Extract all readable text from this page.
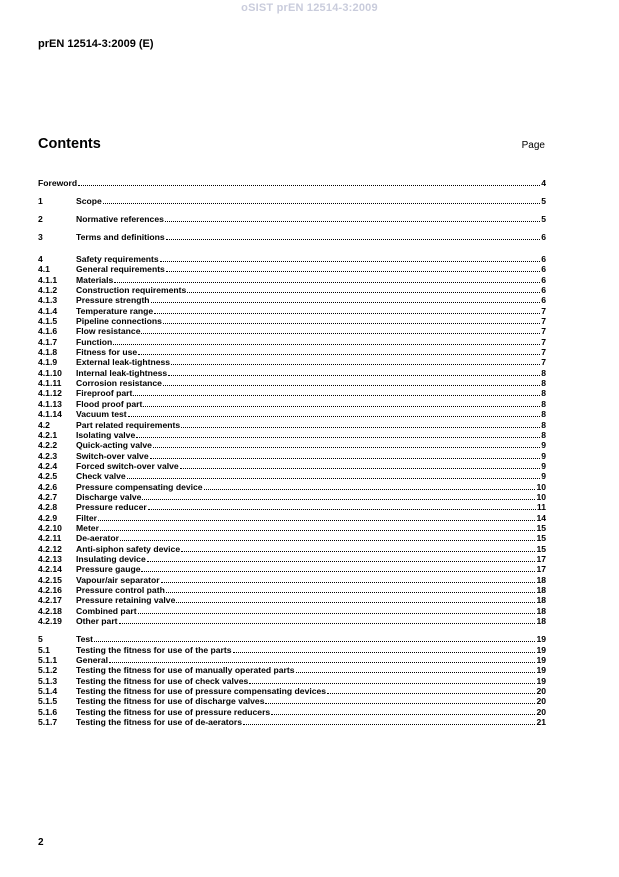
oSIST prEN 12514-3:2009
prEN 12514-3:2009 (E)
Contents	Page
Foreword	4
1	Scope	5
2	Normative references	5
3	Terms and definitions	6
4	Safety requirements	6
4.1	General requirements	6
4.1.1	Materials	6
4.1.2	Construction requirements	6
4.1.3	Pressure strength	6
4.1.4	Temperature range	7
4.1.5	Pipeline connections	7
4.1.6	Flow resistance	7
4.1.7	Function	7
4.1.8	Fitness for use	7
4.1.9	External leak-tightness	7
4.1.10	Internal leak-tightness	8
4.1.11	Corrosion resistance	8
4.1.12	Fireproof part	8
4.1.13	Flood proof part	8
4.1.14	Vacuum test	8
4.2	Part related requirements	8
4.2.1	Isolating valve	8
4.2.2	Quick-acting valve	9
4.2.3	Switch-over valve	9
4.2.4	Forced switch-over valve	9
4.2.5	Check valve	9
4.2.6	Pressure compensating device	10
4.2.7	Discharge valve	10
4.2.8	Pressure reducer	11
4.2.9	Filter	14
4.2.10	Meter	15
4.2.11	De-aerator	15
4.2.12	Anti-siphon safety device	15
4.2.13	Insulating device	17
4.2.14	Pressure gauge	17
4.2.15	Vapour/air separator	18
4.2.16	Pressure control path	18
4.2.17	Pressure retaining valve	18
4.2.18	Combined part	18
4.2.19	Other part	18
5	Test	19
5.1	Testing the fitness for use of the parts	19
5.1.1	General	19
5.1.2	Testing the fitness for use of manually operated parts	19
5.1.3	Testing the fitness for use of check valves	19
5.1.4	Testing the fitness for use of pressure compensating devices	20
5.1.5	Testing the fitness for use of discharge valves	20
5.1.6	Testing the fitness for use of pressure reducers	20
5.1.7	Testing the fitness for use of de-aerators	21
2
